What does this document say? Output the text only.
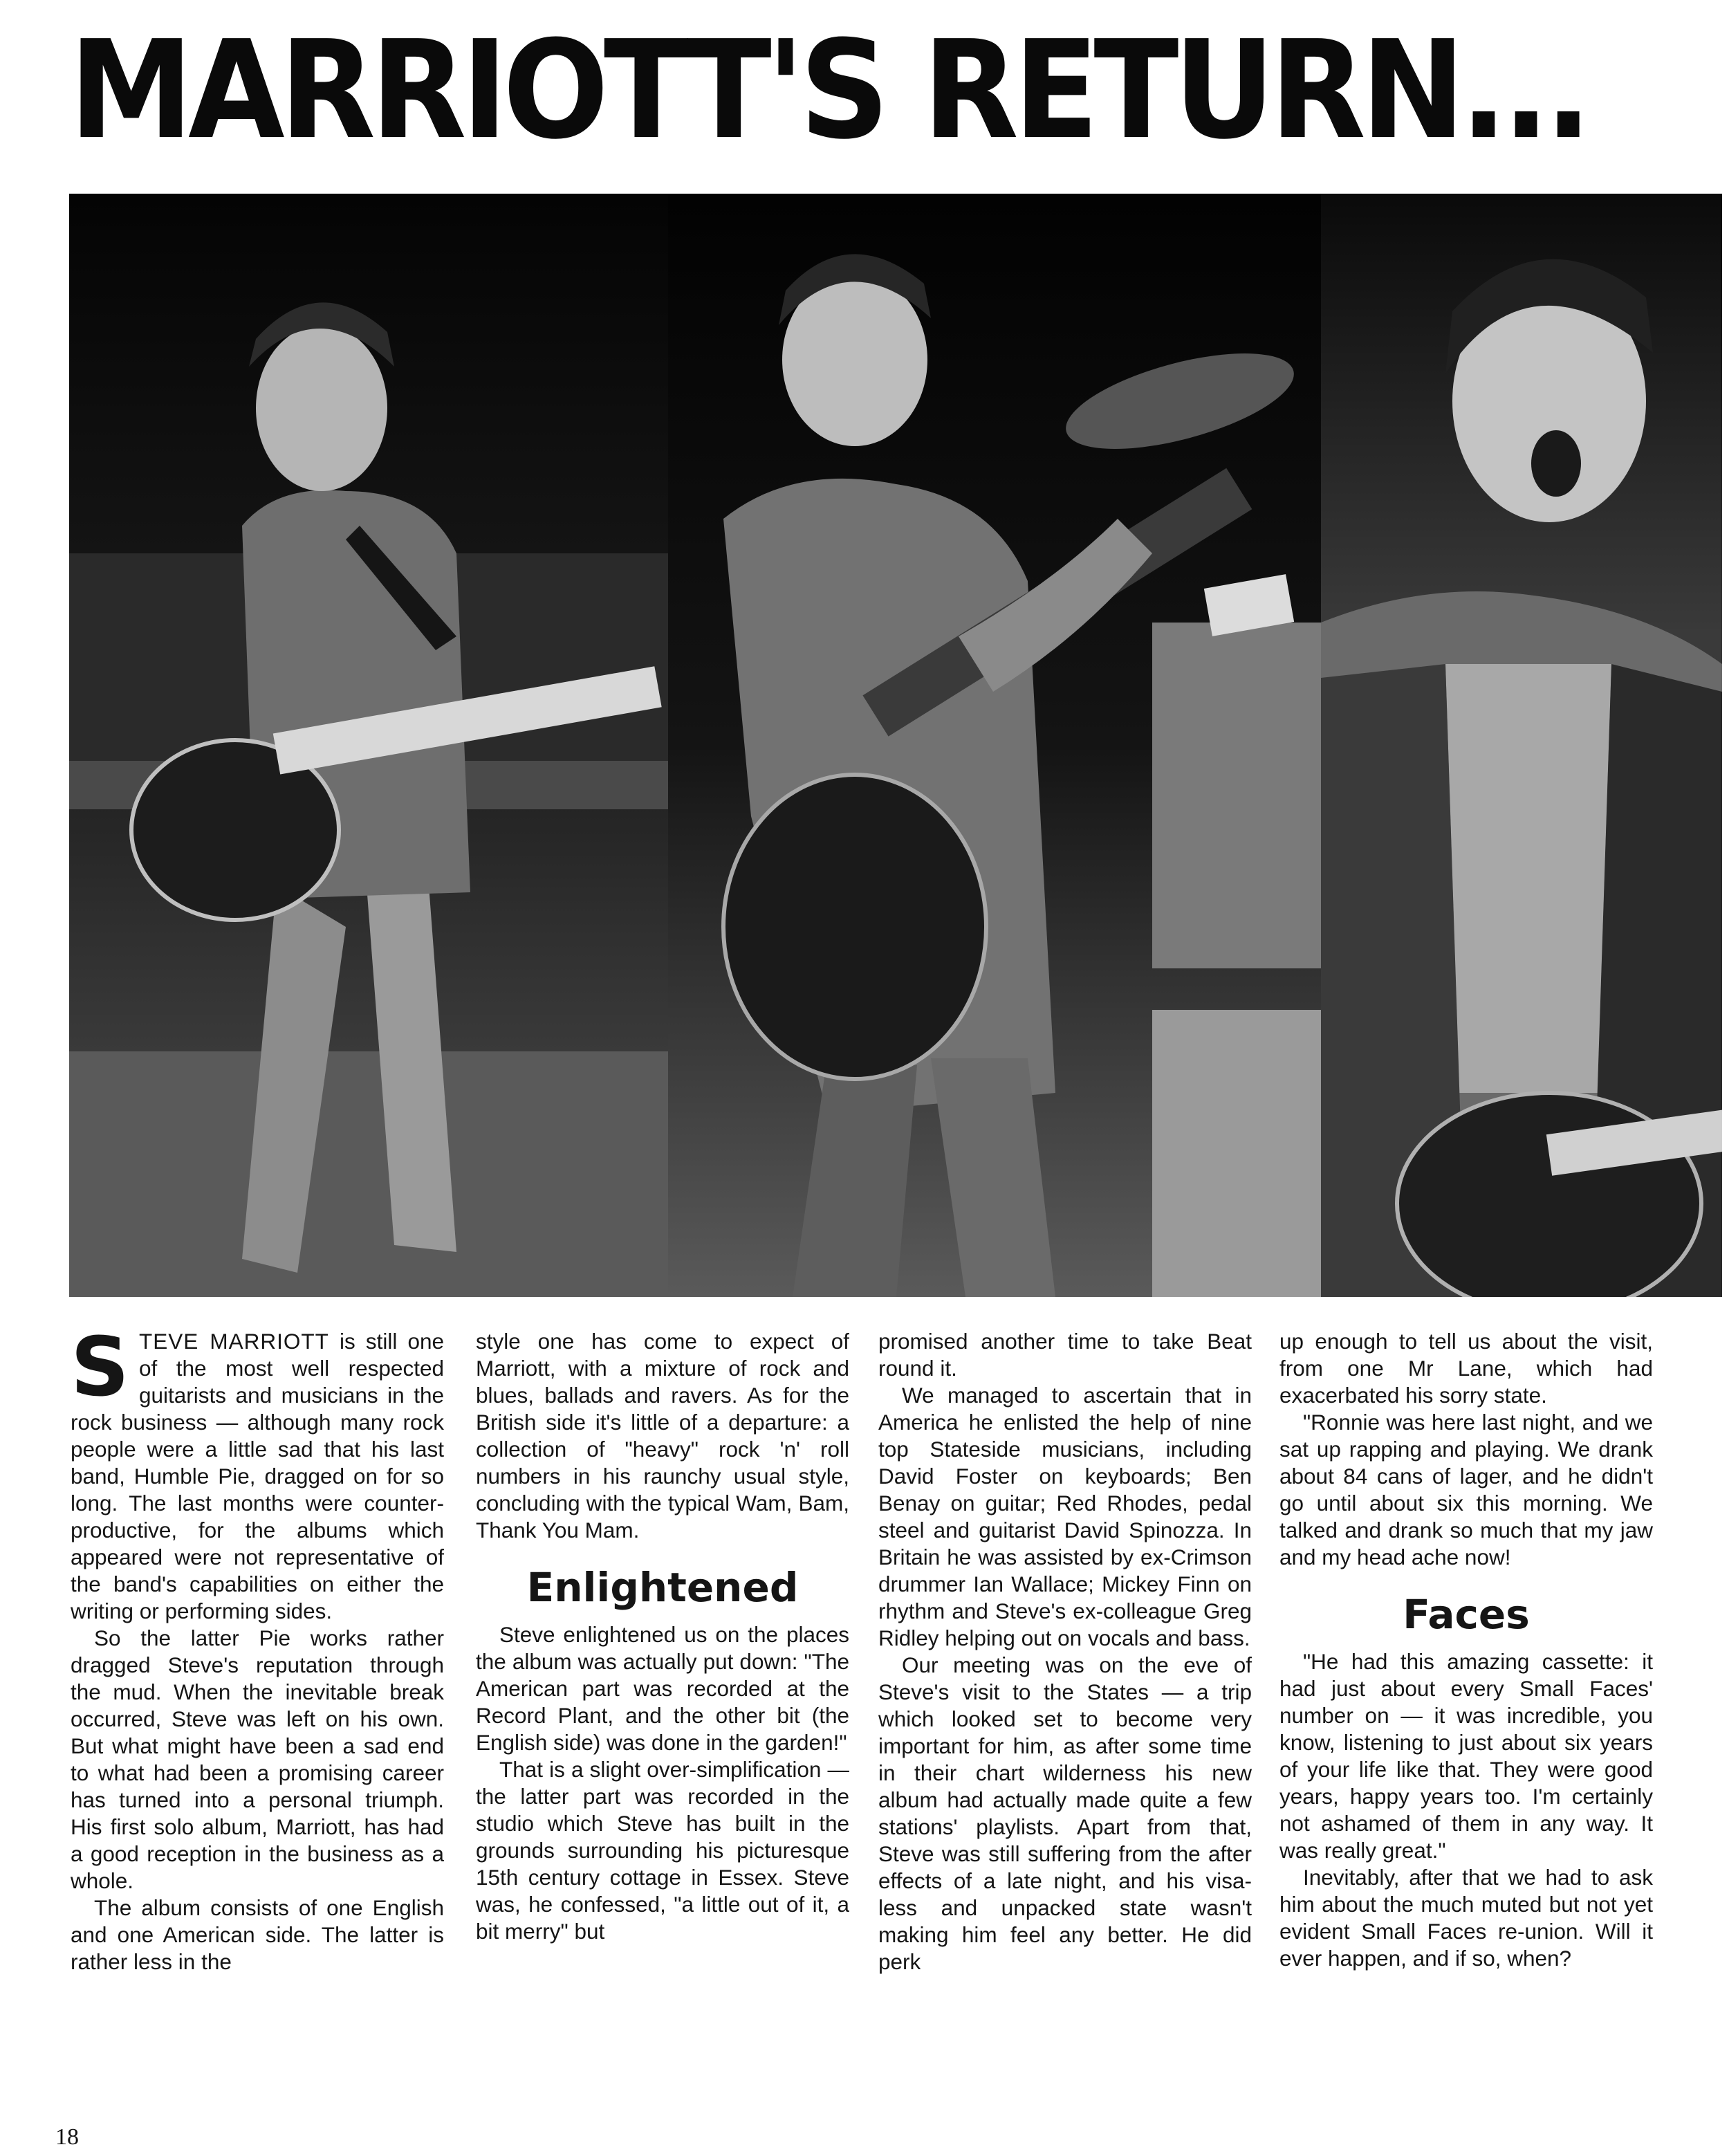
MARRIOTT'S RETURN...

STEVE MARRIOTT is still one of the most well respected guitarists and musicians in the rock business — although many rock people were a little sad that his last band, Humble Pie, dragged on for so long. The last months were counter-productive, for the albums which appeared were not representative of the band's capabilities on either the writing or performing sides.

So the latter Pie works rather dragged Steve's reputation through the mud. When the inevitable break occurred, Steve was left on his own. But what might have been a sad end to what had been a promising career has turned into a personal triumph. His first solo album, Marriott, has had a good reception in the business as a whole.

The album consists of one English and one American side. The latter is rather less in the

style one has come to expect of Marriott, with a mixture of rock and blues, ballads and ravers. As for the British side it's little of a departure: a collection of "heavy" rock 'n' roll numbers in his raunchy usual style, concluding with the typical Wam, Bam, Thank You Mam.

Enlightened

Steve enlightened us on the places the album was actually put down: "The American part was recorded at the Record Plant, and the other bit (the English side) was done in the garden!"

That is a slight over-simplification — the latter part was recorded in the studio which Steve has built in the grounds surrounding his picturesque 15th century cottage in Essex. Steve was, he confessed, "a little out of it, a bit merry" but

promised another time to take Beat round it.

We managed to ascertain that in America he enlisted the help of nine top Stateside musicians, including David Foster on keyboards; Ben Benay on guitar; Red Rhodes, pedal steel and guitarist David Spinozza. In Britain he was assisted by ex-Crimson drummer Ian Wallace; Mickey Finn on rhythm and Steve's ex-colleague Greg Ridley helping out on vocals and bass.

Our meeting was on the eve of Steve's visit to the States — a trip which looked set to become very important for him, as after some time in their chart wilderness his new album had actually made quite a few stations' playlists. Apart from that, Steve was still suffering from the after effects of a late night, and his visa-less and unpacked state wasn't making him feel any better. He did perk

up enough to tell us about the visit, from one Mr Lane, which had exacerbated his sorry state.

"Ronnie was here last night, and we sat up rapping and playing. We drank about 84 cans of lager, and he didn't go until about six this morning. We talked and drank so much that my jaw and my head ache now!

Faces

"He had this amazing cassette: it had just about every Small Faces' number on — it was incredible, you know, listening to just about six years of your life like that. They were good years, happy years too. I'm certainly not ashamed of them in any way. It was really great."

Inevitably, after that we had to ask him about the much muted but not yet evident Small Faces re-union. Will it ever happen, and if so, when?

18
